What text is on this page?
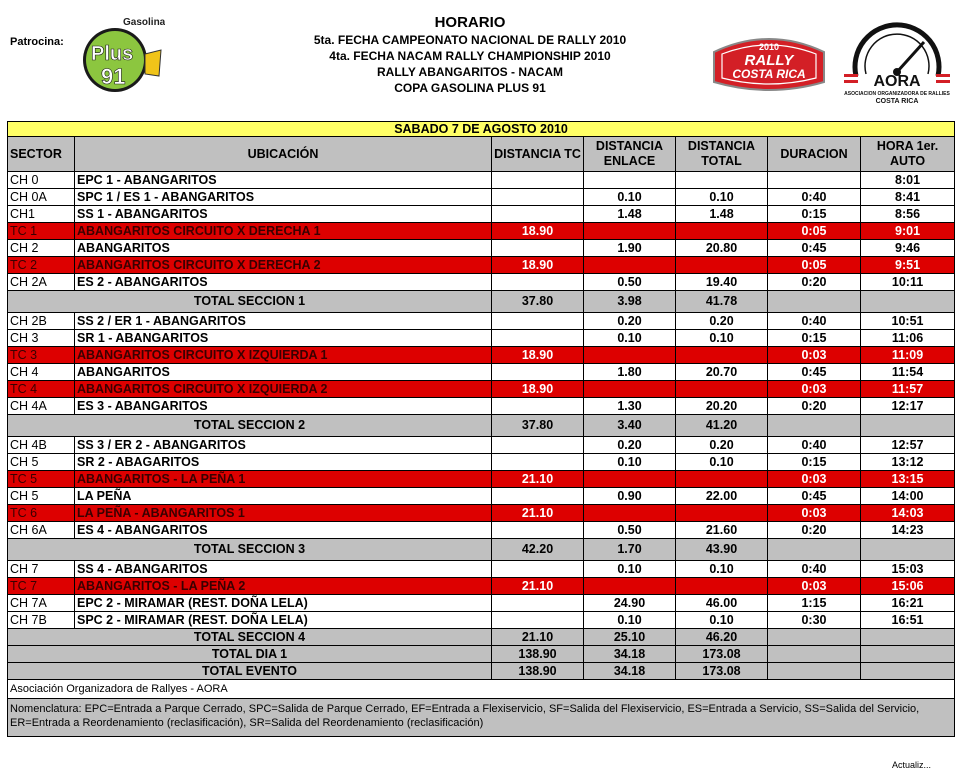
Patrocina:
Gasolina
Plus
91
HORARIO
5ta. FECHA CAMPEONATO NACIONAL DE RALLY 2010
4ta. FECHA NACAM RALLY CHAMPIONSHIP 2010
RALLY ABANGARITOS - NACAM
COPA GASOLINA PLUS 91
2010
RALLY
COSTA RICA	AORA
ASOCIACION ORGANIZADORA DE RALLIES
COSTA RICA
SABADO 7 DE AGOSTO 2010						
SECTOR	UBICACIÓN	DISTANCIA TC	DISTANCIA ENLACE	DISTANCIA TOTAL	DURACION	HORA 1er. AUTO
CH 0	EPC 1 - ABANGARITOS					8:01
CH 0A	SPC 1 / ES 1 - ABANGARITOS		0.10	0.10	0:40	8:41
CH1	SS 1 - ABANGARITOS		1.48	1.48	0:15	8:56
TC 1	ABANGARITOS CIRCUITO X DERECHA 1	18.90			0:05	9:01
CH 2	ABANGARITOS		1.90	20.80	0:45	9:46
TC 2	ABANGARITOS CIRCUITO X DERECHA 2	18.90			0:05	9:51
CH 2A	ES 2 - ABANGARITOS		0.50	19.40	0:20	10:11
TOTAL SECCION 1		37.80	3.98	41.78		
CH 2B	SS 2 / ER 1 - ABANGARITOS		0.20	0.20	0:40	10:51
CH 3	SR 1 - ABANGARITOS		0.10	0.10	0:15	11:06
TC 3	ABANGARITOS CIRCUITO X IZQUIERDA 1	18.90			0:03	11:09
CH 4	ABANGARITOS		1.80	20.70	0:45	11:54
TC 4	ABANGARITOS CIRCUITO X IZQUIERDA 2	18.90			0:03	11:57
CH 4A	ES 3 - ABANGARITOS		1.30	20.20	0:20	12:17
TOTAL SECCION 2		37.80	3.40	41.20		
CH 4B	SS 3 / ER 2 - ABANGARITOS		0.20	0.20	0:40	12:57
CH 5	SR 2 - ABAGARITOS		0.10	0.10	0:15	13:12
TC 5	ABANGARITOS - LA PEÑA 1	21.10			0:03	13:15
CH 5	LA PEÑA		0.90	22.00	0:45	14:00
TC 6	LA PEÑA - ABANGARITOS 1	21.10			0:03	14:03
CH 6A	ES 4 - ABANGARITOS		0.50	21.60	0:20	14:23
TOTAL SECCION 3		42.20	1.70	43.90		
CH 7	SS 4 - ABANGARITOS		0.10	0.10	0:40	15:03
TC 7	ABANGARITOS - LA PEÑA 2	21.10			0:03	15:06
CH 7A	EPC 2 - MIRAMAR (REST. DOÑA LELA)		24.90	46.00	1:15	16:21
CH 7B	SPC 2 - MIRAMAR (REST. DOÑA LELA)		0.10	0.10	0:30	16:51
TOTAL SECCION 4		21.10	25.10	46.20		
TOTAL DIA 1		138.90	34.18	173.08		
TOTAL EVENTO		138.90	34.18	173.08		
Asociación Organizadora de Rallyes - AORA						
Nomenclatura: EPC=Entrada a Parque Cerrado, SPC=Salida de Parque Cerrado, EF=Entrada a Flexiservicio, SF=Salida del Flexiservicio, ES=Entrada a Servicio, SS=Salida del Servicio, ER=Entrada a Reordenamiento (reclasificación), SR=Salida del Reordenamiento (reclasificación)						
Actualiz...
